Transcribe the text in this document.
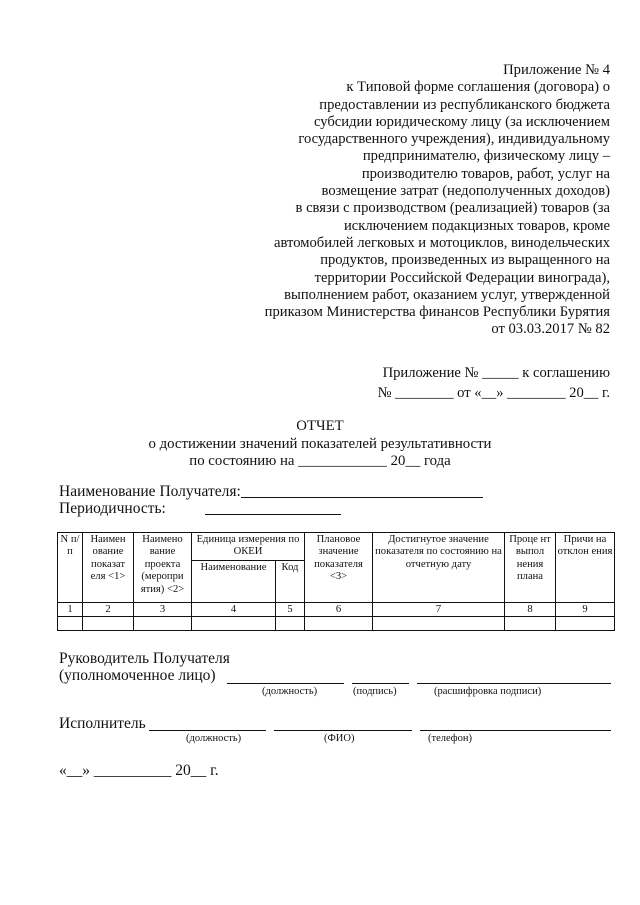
Приложение № 4
к Типовой форме соглашения (договора) о
предоставлении из республиканского бюджета
субсидии юридическому лицу (за исключением
государственного учреждения), индивидуальному
предпринимателю, физическому лицу –
производителю товаров, работ, услуг на
возмещение затрат (недополученных доходов)
в связи с производством (реализацией) товаров (за
исключением подакцизных товаров, кроме
автомобилей легковых и мотоциклов, винодельческих
продуктов, произведенных из выращенного на
территории Российской Федерации винограда),
выполнением работ, оказанием услуг, утвержденной
приказом Министерства финансов Республики Бурятия
от 03.03.2017 № 82
Приложение № _____ к соглашению
№ ________ от «__» ________ 20__ г.
ОТЧЕТ
о достижении значений показателей результативности
по состоянию на ____________ 20__ года
Наименование Получателя:
Периодичность:
N п/п	Наимен ование показат еля <1>	Наимено вание проекта (меропри ятия) <2>	Единица измерения по ОКЕИ		Плановое значение показателя <3>	Достигнутое значение показателя по состоянию на отчетную дату	Проце нт выпол нения плана	Причи на отклон ения
			Наименование	Код				
1	2	3	4	5	6	7	8	9

Руководитель Получателя
(уполномоченное лицо)
(должность)	(подпись)	(расшифровка подписи)
Исполнитель
(должность)	(ФИО)	(телефон)
«__» __________ 20__ г.
